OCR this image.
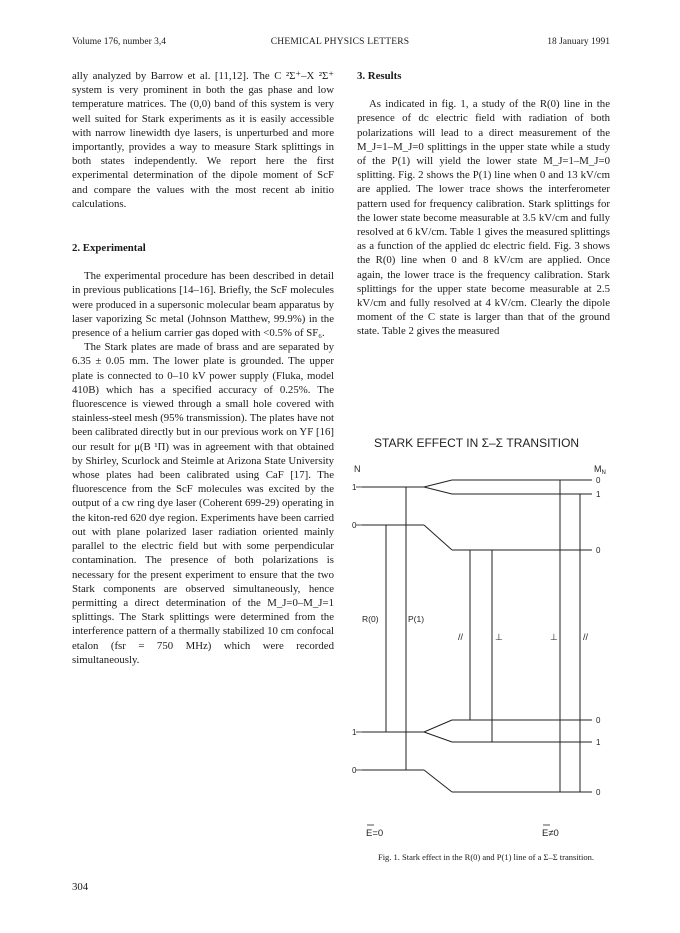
Volume 176, number 3,4	CHEMICAL PHYSICS LETTERS	18 January 1991

ally analyzed by Barrow et al. [11,12]. The C ²Σ⁺–X ²Σ⁺ system is very prominent in both the gas phase and low temperature matrices. The (0,0) band of this system is very well suited for Stark experiments as it is easily accessible with narrow linewidth dye lasers, is unperturbed and more importantly, provides a way to measure Stark splittings in both states independently. We report here the first experimental determination of the dipole moment of ScF and compare the values with the most recent ab initio calculations.

2. Experimental

The experimental procedure has been described in detail in previous publications [14–16]. Briefly, the ScF molecules were produced in a supersonic molecular beam apparatus by laser vaporizing Sc metal (Johnson Matthew, 99.9%) in the presence of a helium carrier gas doped with <0.5% of SF₆.

The Stark plates are made of brass and are separated by 6.35 ± 0.05 mm. The lower plate is grounded. The upper plate is connected to 0–10 kV power supply (Fluka, model 410B) which has a specified accuracy of 0.25%. The fluorescence is viewed through a small hole covered with stainless-steel mesh (95% transmission). The plates have not been calibrated directly but in our previous work on YF [16] our result for μ(B ¹Π) was in agreement with that obtained by Shirley, Scurlock and Steimle at Arizona State University whose plates had been calibrated using CaF [17]. The fluorescence from the ScF molecules was excited by the output of a cw ring dye laser (Coherent 699-29) operating in the kiton-red 620 dye region. Experiments have been carried out with plane polarized laser radiation oriented mainly parallel to the electric field but with some perpendicular contamination. The presence of both polarizations is necessary for the present experiment to ensure that the two Stark components are observed simultaneously, hence permitting a direct determination of the M_J=0–M_J=1 splittings. The Stark splittings were determined from the interference pattern of a thermally stabilized 10 cm confocal etalon (fsr = 750 MHz) which were recorded simultaneously.

3. Results

As indicated in fig. 1, a study of the R(0) line in the presence of dc electric field with radiation of both polarizations will lead to a direct measurement of the M_J=1–M_J=0 splittings in the upper state while a study of the P(1) will yield the lower state M_J=1–M_J=0 splitting. Fig. 2 shows the P(1) line when 0 and 13 kV/cm are applied. The lower trace shows the interferometer pattern used for frequency calibration. Stark splittings for the lower state become measurable at 3.5 kV/cm and fully resolved at 6 kV/cm. Table 1 gives the measured splittings as a function of the applied dc electric field. Fig. 3 shows the R(0) line when 0 and 8 kV/cm are applied. Once again, the lower trace is the frequency calibration. Stark splittings for the upper state become measurable at 2.5 kV/cm and fully resolved at 4 kV/cm. Clearly the dipole moment of the C state is larger than that of the ground state. Table 2 gives the measured

STARK EFFECT IN Σ–Σ TRANSITION
N	$M_N$
1
0
1
0
0
1
0
0
1
0
R(0)	P(1)
//	⊥	⊥	//
E=0	E≠0
Fig. 1. Stark effect in the R(0) and P(1) line of a Σ–Σ transition.
304
